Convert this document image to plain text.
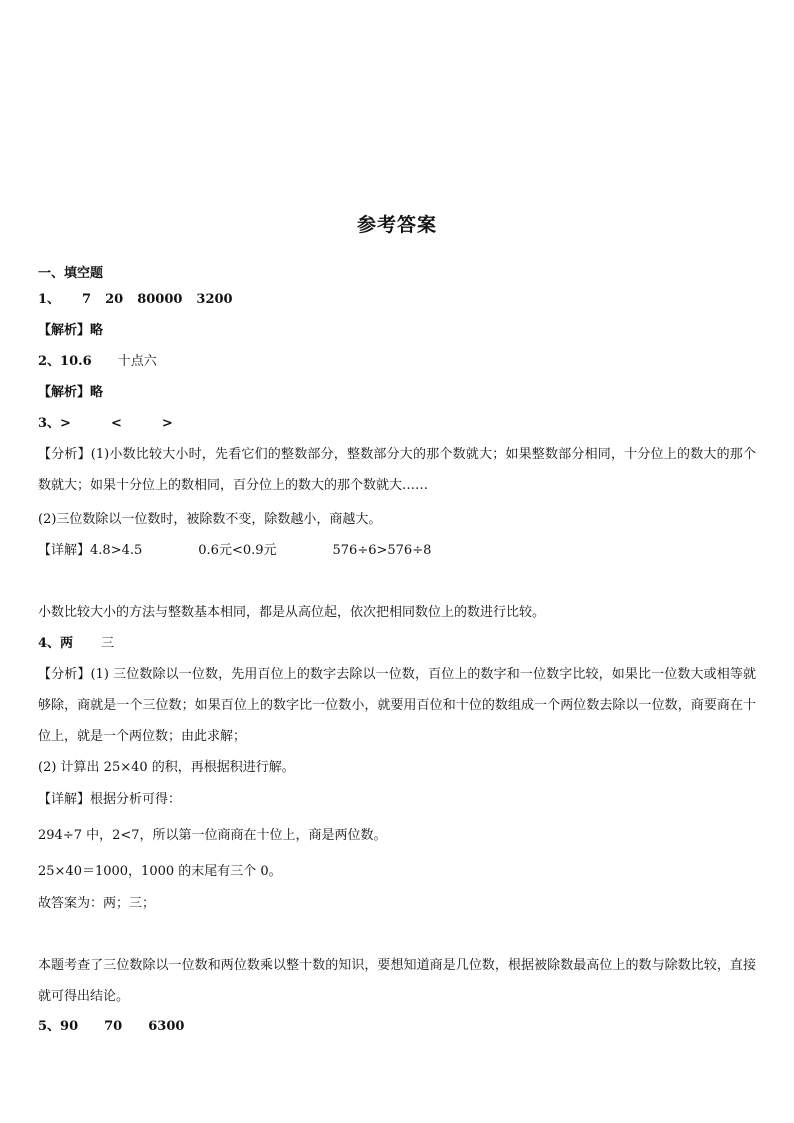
参考答案
一、填空题
1、 7 20 80000 3200
【解析】略
2、10.6 十点六
【解析】略
3、>	<	>
【分析】(1)小数比较大小时，先看它们的整数部分，整数部分大的那个数就大；如果整数部分相同，十分位上的数大的那个数就大；如果十分位上的数相同，百分位上的数大的那个数就大……
(2)三位数除以一位数时，被除数不变，除数越小，商越大。
【详解】4.8>4.5	0.6元<0.9元	576÷6>576÷8
小数比较大小的方法与整数基本相同，都是从高位起，依次把相同数位上的数进行比较。
4、两 三
【分析】(1) 三位数除以一位数，先用百位上的数字去除以一位数，百位上的数字和一位数字比较，如果比一位数大或相等就够除，商就是一个三位数；如果百位上的数字比一位数小，就要用百位和十位的数组成一个两位数去除以一位数，商要商在十位上，就是一个两位数；由此求解；
(2) 计算出 25×40 的积，再根据积进行解。
【详解】根据分析可得：
294÷7 中，2<7，所以第一位商商在十位上，商是两位数。
25×40＝1000，1000 的末尾有三个 0。
故答案为：两；三；
本题考查了三位数除以一位数和两位数乘以整十数的知识，要想知道商是几位数，根据被除数最高位上的数与除数比较，直接就可得出结论。
5、90 70 6300
